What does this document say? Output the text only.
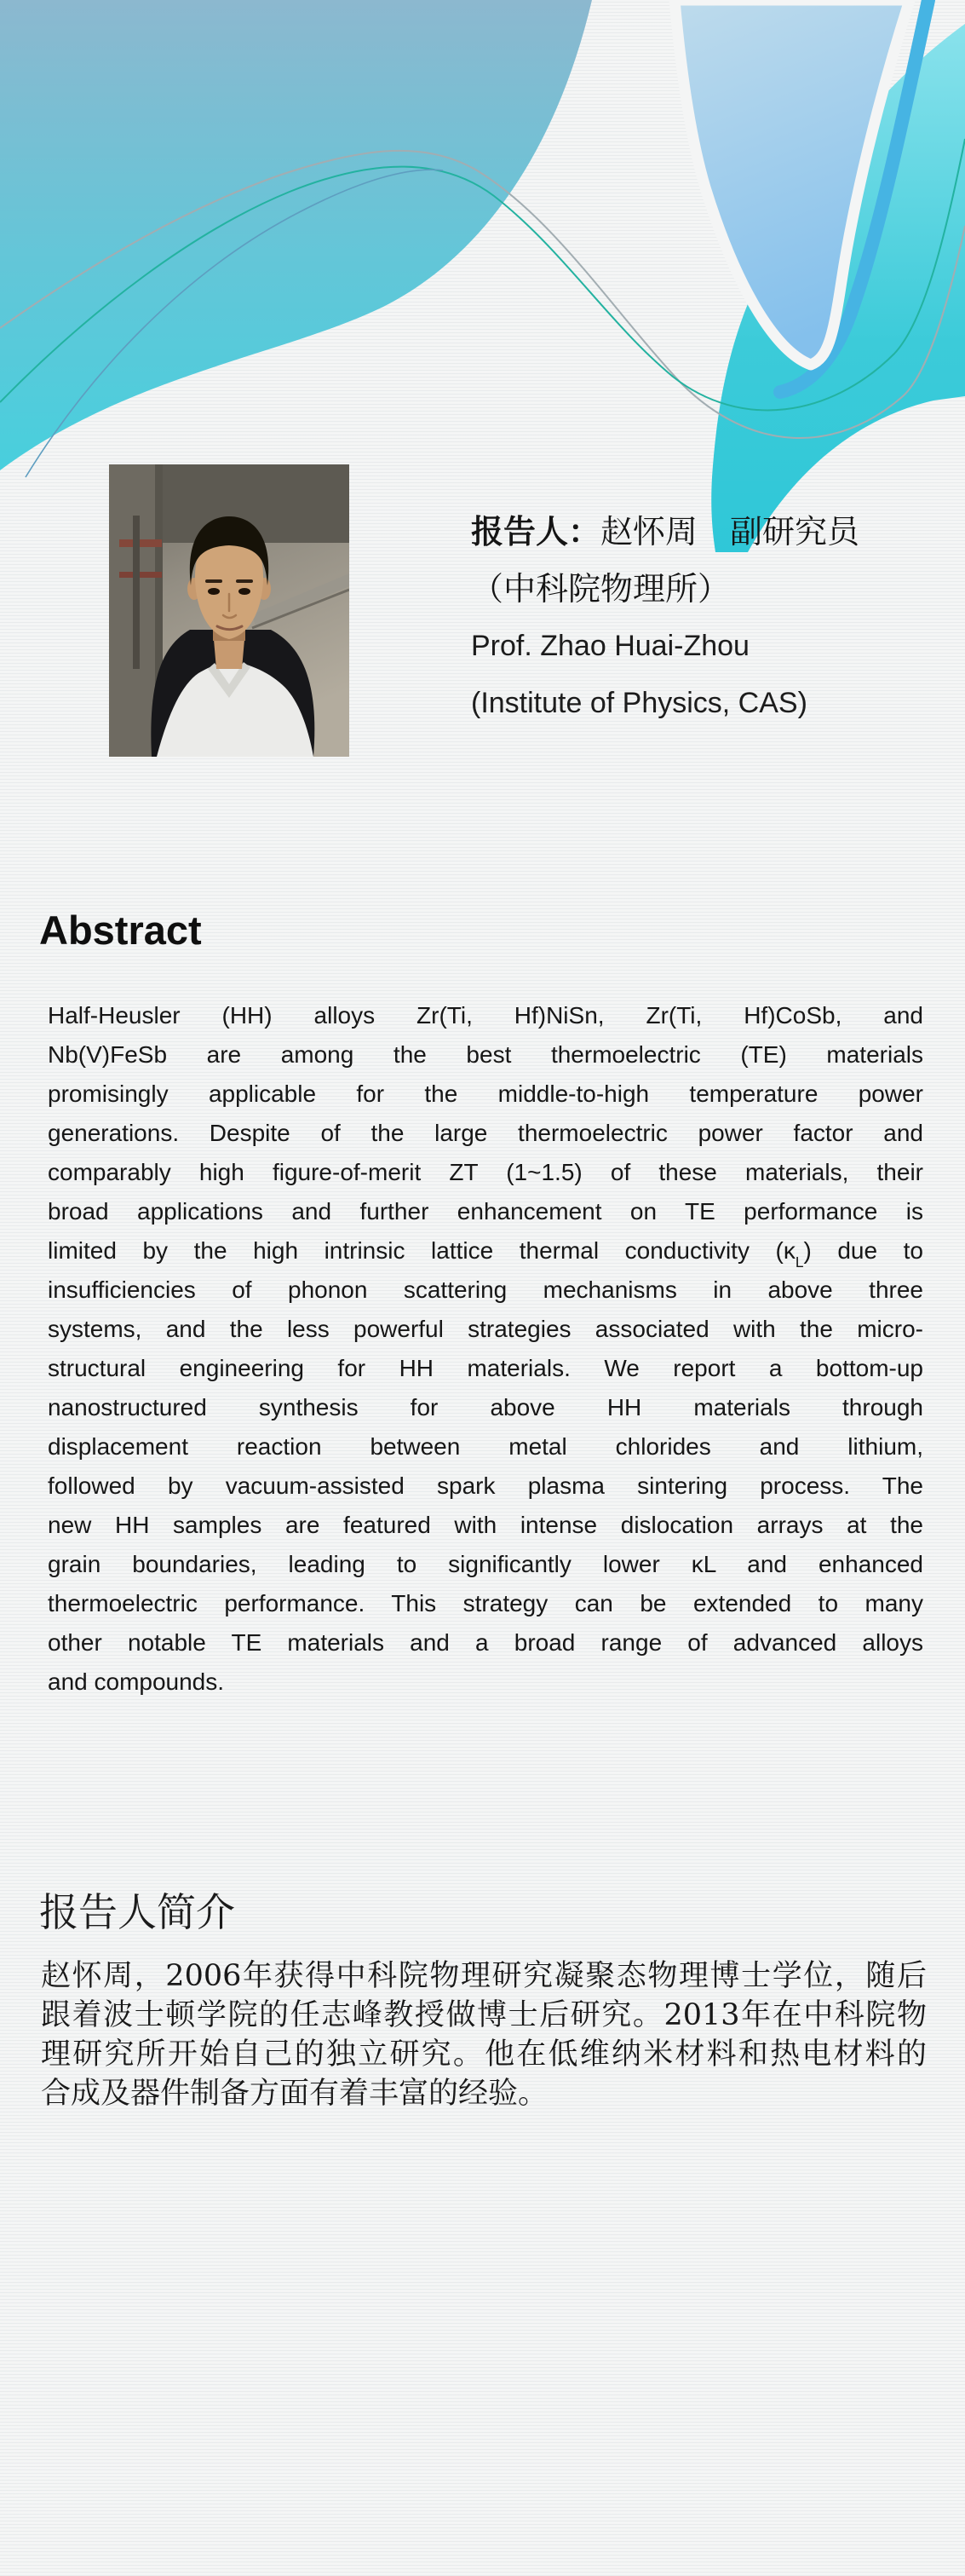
报告人：赵怀周　副研究员
（中科院物理所）
Prof. Zhao Huai-Zhou
(Institute of Physics, CAS)
Abstract
Half-Heusler (HH) alloys Zr(Ti, Hf)NiSn, Zr(Ti, Hf)CoSb, and
Nb(V)FeSb are among the best thermoelectric (TE) materials
promisingly applicable for the middle-to-high temperature power
generations. Despite of the large thermoelectric power factor and
comparably high figure-of-merit ZT (1~1.5) of these materials, their
broad applications and further enhancement on TE performance is
limited by the high intrinsic lattice thermal conductivity $(\kappa_L)$ due to
insufficiencies of phonon scattering mechanisms in above three
systems, and the less powerful strategies associated with the micro-
structural engineering for HH materials. We report a bottom-up
nanostructured synthesis for above HH materials through
displacement reaction between metal chlorides and lithium,
followed by vacuum-assisted spark plasma sintering process. The
new HH samples are featured with intense dislocation arrays at the
grain boundaries, leading to significantly lower κL and enhanced
thermoelectric performance. This strategy can be extended to many
other notable TE materials and a broad range of advanced alloys
and compounds.
报告人简介
赵怀周，2006年获得中科院物理研究凝聚态物理博士学位，随后
跟着波士顿学院的任志峰教授做博士后研究。2013年在中科院物
理研究所开始自己的独立研究。他在低维纳米材料和热电材料的
合成及器件制备方面有着丰富的经验。
